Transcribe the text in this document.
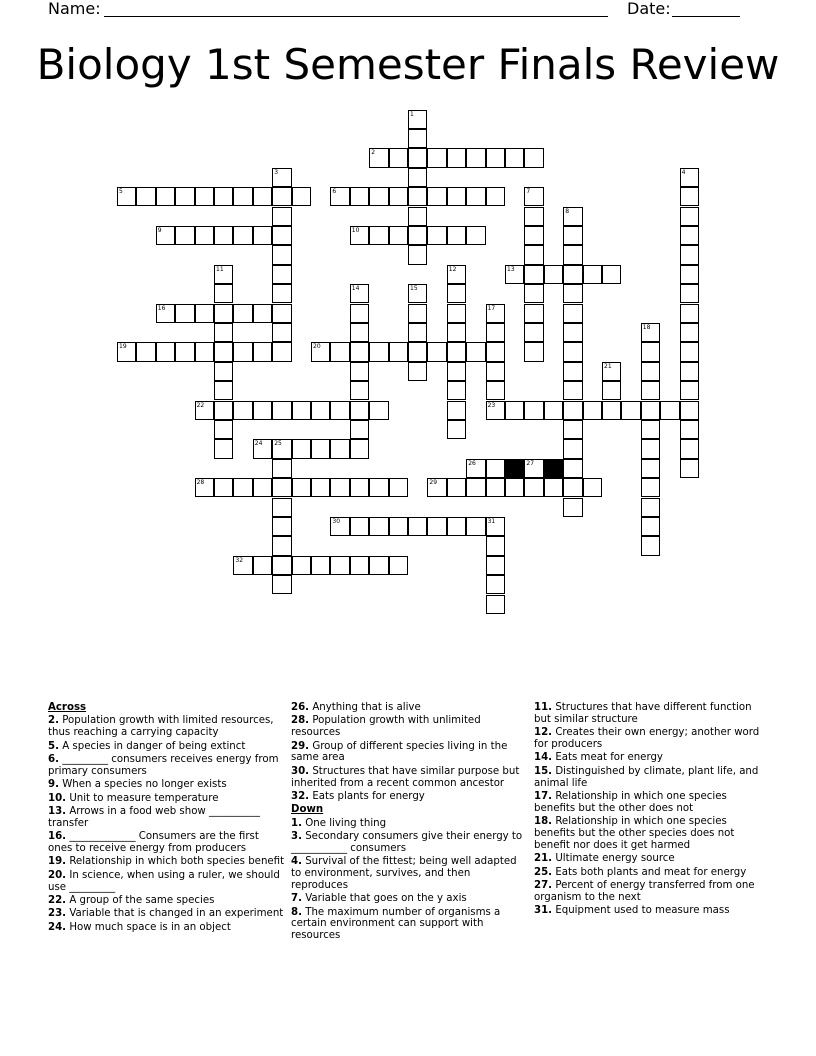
Name:	Date:
Biology 1st Semester Finals Review
1
2
3	4
5	6	7
8
9	10
11	12	13
14	15
16	17
23
18
19	20
21
22
24 25
26	27
28	29
30	31
32
Across
2. Population growth with limited resources, thus reaching a carrying capacity
5. A species in danger of being extinct
6. _________ consumers receives energy from primary consumers
9. When a species no longer exists
10. Unit to measure temperature
13. Arrows in a food web show __________ transfer
16. _____________ Consumers are the first ones to receive energy from producers
19. Relationship in which both species benefit
20. In science, when using a ruler, we should use _________
22. A group of the same species
23. Variable that is changed in an experiment
24. How much space is in an object
26. Anything that is alive
28. Population growth with unlimited resources
29. Group of different species living in the same area
30. Structures that have similar purpose but inherited from a recent common ancestor
32. Eats plants for energy
Down
1. One living thing
3. Secondary consumers give their energy to ___________ consumers
4. Survival of the fittest; being well adapted to environment, survives, and then reproduces
7. Variable that goes on the y axis
8. The maximum number of organisms a certain environment can support with resources
11. Structures that have different function but similar structure
12. Creates their own energy; another word for producers
14. Eats meat for energy
15. Distinguished by climate, plant life, and animal life
17. Relationship in which one species benefits but the other does not
18. Relationship in which one species benefits but the other species does not benefit nor does it get harmed
21. Ultimate energy source
25. Eats both plants and meat for energy
27. Percent of energy transferred from one organism to the next
31. Equipment used to measure mass
